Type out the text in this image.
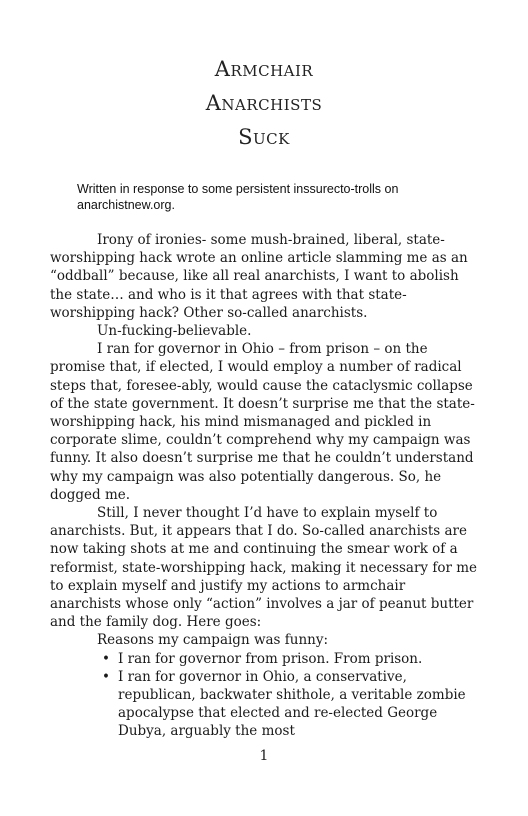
Armchair
Anarchists
Suck
Written in response to some persistent inssurecto-trolls on anarchistnew.org.

Irony of ironies- some mush-brained, liberal, state-worshipping hack wrote an online article slamming me as an “oddball” because, like all real anarchists, I want to abolish the state… and who is it that agrees with that state-worshipping hack? Other so-called anarchists.

Un-fucking-believable.

I ran for governor in Ohio – from prison – on the promise that, if elected, I would employ a number of radical steps that, foresee-ably, would cause the cataclysmic collapse of the state government. It doesn’t surprise me that the state-worshipping hack, his mind mismanaged and pickled in corporate slime, couldn’t comprehend why my campaign was funny. It also doesn’t surprise me that he couldn’t understand why my campaign was also potentially dangerous. So, he dogged me.

Still, I never thought I’d have to explain myself to anarchists. But, it appears that I do. So-called anarchists are now taking shots at me and continuing the smear work of a reformist, state-worshipping hack, making it necessary for me to explain myself and justify my actions to armchair anarchists whose only “action” involves a jar of peanut butter and the family dog. Here goes:

Reasons my campaign was funny:

• I ran for governor from prison. From prison.
• I ran for governor in Ohio, a conservative, republican, backwater shithole, a veritable zombie apocalypse that elected and re-elected George Dubya, arguably the most
1
